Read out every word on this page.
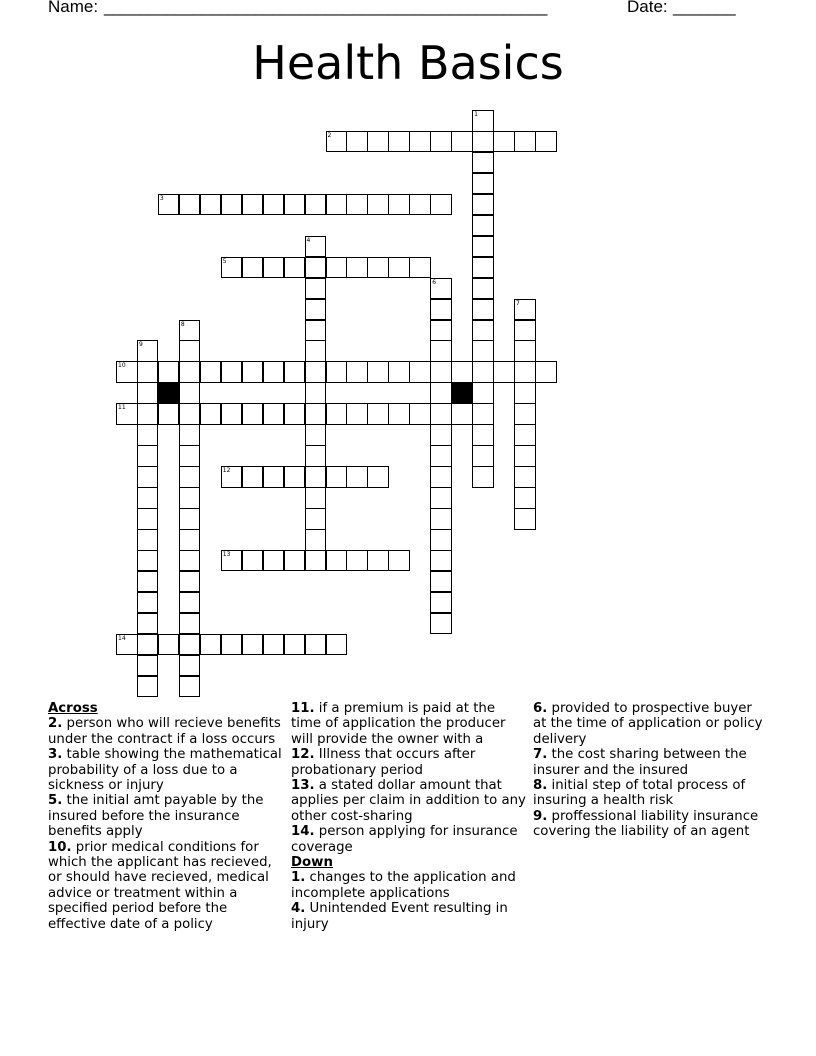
Name: __________________________________________________	Date: _______
Health Basics
2
3
5
10
11
12
13
14
1
4
6
7
8
9
Across

2. person who will recieve benefits under the contract if a loss occurs

3. table showing the mathematical probability of a loss due to a sickness or injury

5. the initial amt payable by the insured before the insurance benefits apply

10. prior medical conditions for which the applicant has recieved, or should have recieved, medical advice or treatment within a specified period before the effective date of a policy

11. if a premium is paid at the time of application the producer will provide the owner with a

12. Illness that occurs after probationary period

13. a stated dollar amount that applies per claim in addition to any other cost-sharing

14. person applying for insurance coverage

Down

1. changes to the application and incomplete applications

4. Unintended Event resulting in injury

6. provided to prospective buyer at the time of application or policy delivery

7. the cost sharing between the insurer and the insured

8. initial step of total process of insuring a health risk

9. proffessional liability insurance covering the liability of an agent
